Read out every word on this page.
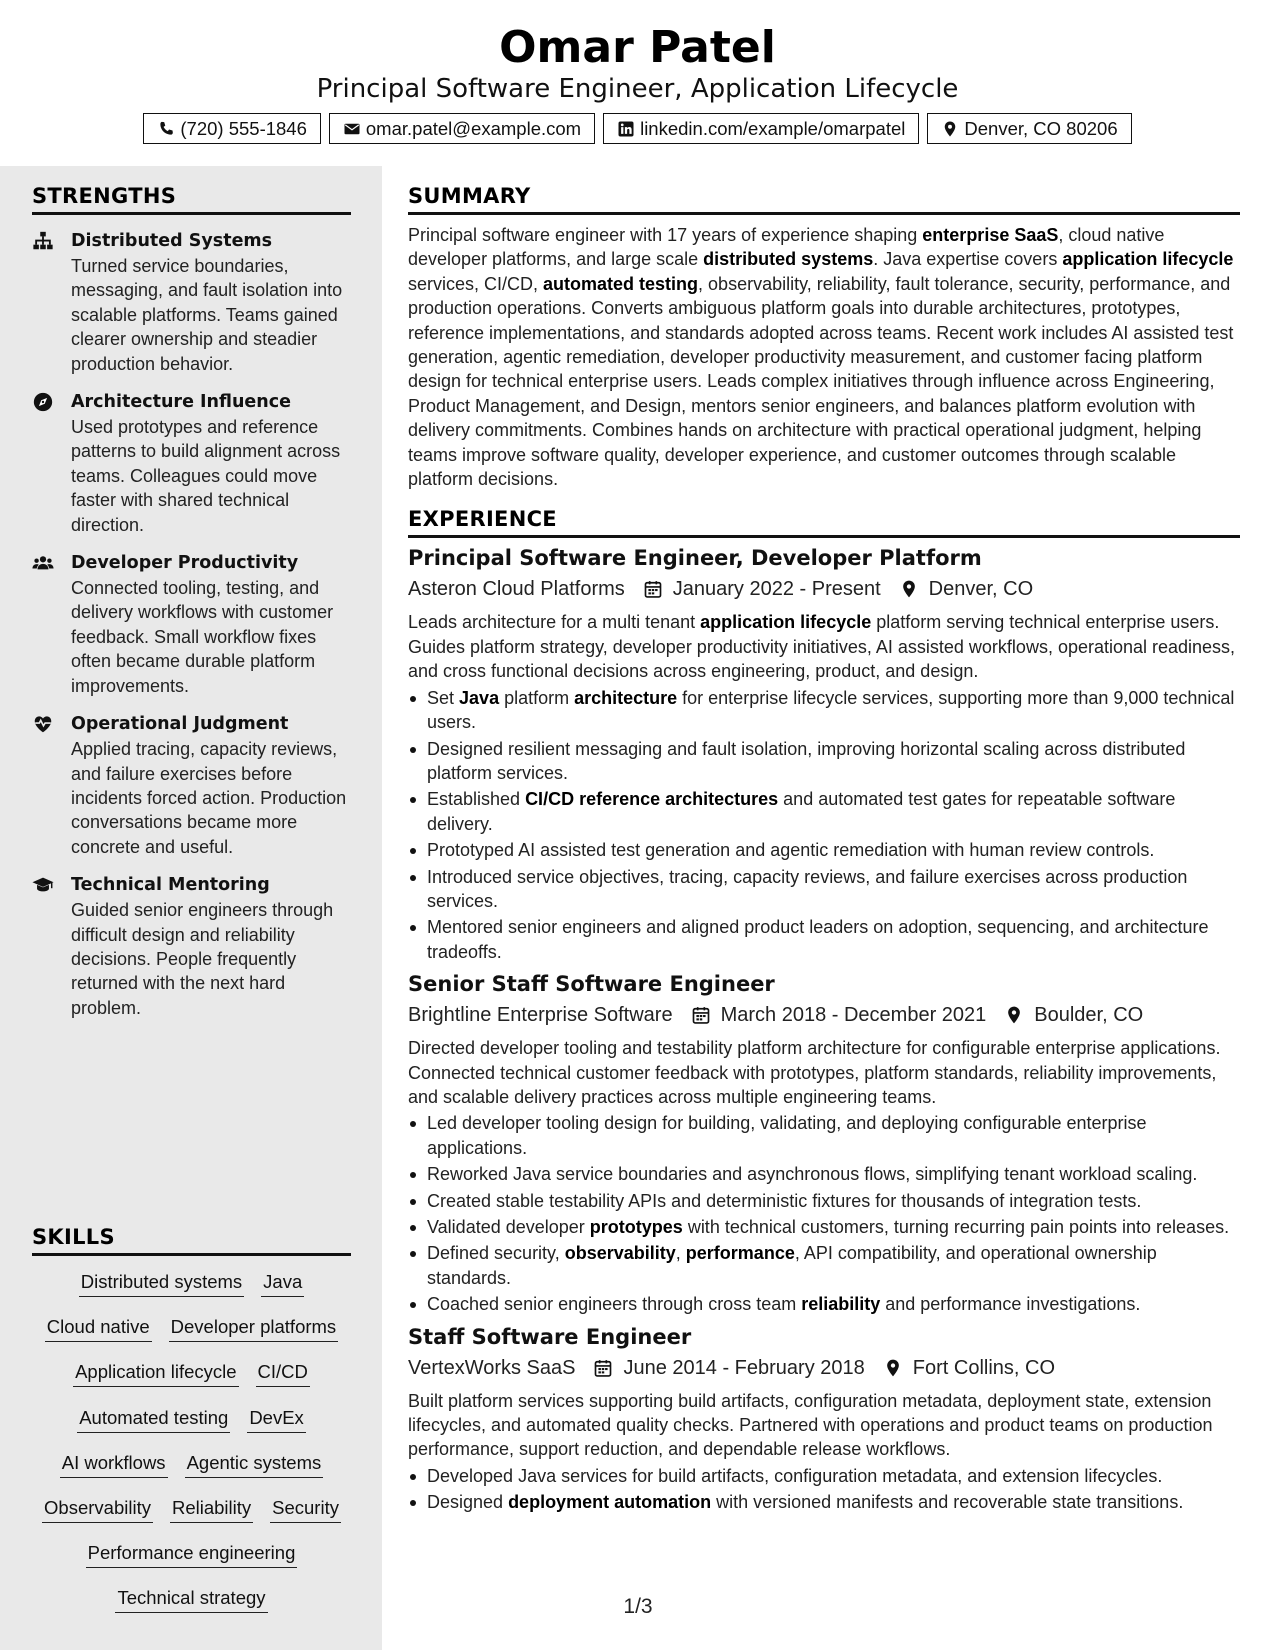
Omar Patel
Principal Software Engineer, Application Lifecycle
(720) 555-1846	omar.patel@example.com	linkedin.com/example/omarpatel	Denver, CO 80206
STRENGTHS
Distributed Systems
Turned service boundaries, messaging, and fault isolation into scalable platforms. Teams gained clearer ownership and steadier production behavior.
Architecture Influence
Used prototypes and reference patterns to build alignment across teams. Colleagues could move faster with shared technical direction.
Developer Productivity
Connected tooling, testing, and delivery workflows with customer feedback. Small workflow fixes often became durable platform improvements.
Operational Judgment
Applied tracing, capacity reviews, and failure exercises before incidents forced action. Production conversations became more concrete and useful.
Technical Mentoring
Guided senior engineers through difficult design and reliability decisions. People frequently returned with the next hard problem.
SKILLS
Distributed systems Java
Cloud native Developer platforms
Application lifecycle CI/CD
Automated testing DevEx
AI workflows Agentic systems
Observability Reliability Security
Performance engineering
Technical strategy
SUMMARY

Principal software engineer with 17 years of experience shaping enterprise SaaS, cloud native developer platforms, and large scale distributed systems. Java expertise covers application lifecycle services, CI/CD, automated testing, observability, reliability, fault tolerance, security, performance, and production operations. Converts ambiguous platform goals into durable architectures, prototypes, reference implementations, and standards adopted across teams. Recent work includes AI assisted test generation, agentic remediation, developer productivity measurement, and customer facing platform design for technical enterprise users. Leads complex initiatives through influence across Engineering, Product Management, and Design, mentors senior engineers, and balances platform evolution with delivery commitments. Combines hands on architecture with practical operational judgment, helping teams improve software quality, developer experience, and customer outcomes through scalable platform decisions.

EXPERIENCE
Principal Software Engineer, Developer Platform
Asteron Cloud Platforms January 2022 - Present Denver, CO

Leads architecture for a multi tenant application lifecycle platform serving technical enterprise users. Guides platform strategy, developer productivity initiatives, AI assisted workflows, operational readiness, and cross functional decisions across engineering, product, and design.

Set Java platform architecture for enterprise lifecycle services, supporting more than 9,000 technical users.
Designed resilient messaging and fault isolation, improving horizontal scaling across distributed platform services.
Established CI/CD reference architectures and automated test gates for repeatable software delivery.
Prototyped AI assisted test generation and agentic remediation with human review controls.
Introduced service objectives, tracing, capacity reviews, and failure exercises across production services.
Mentored senior engineers and aligned product leaders on adoption, sequencing, and architecture tradeoffs.
Senior Staff Software Engineer
Brightline Enterprise Software March 2018 - December 2021 Boulder, CO

Directed developer tooling and testability platform architecture for configurable enterprise applications. Connected technical customer feedback with prototypes, platform standards, reliability improvements, and scalable delivery practices across multiple engineering teams.

Led developer tooling design for building, validating, and deploying configurable enterprise applications.
Reworked Java service boundaries and asynchronous flows, simplifying tenant workload scaling.
Created stable testability APIs and deterministic fixtures for thousands of integration tests.
Validated developer prototypes with technical customers, turning recurring pain points into releases.
Defined security, observability, performance, API compatibility, and operational ownership standards.
Coached senior engineers through cross team reliability and performance investigations.
Staff Software Engineer
VertexWorks SaaS June 2014 - February 2018 Fort Collins, CO

Built platform services supporting build artifacts, configuration metadata, deployment state, extension lifecycles, and automated quality checks. Partnered with operations and product teams on production performance, support reduction, and dependable release workflows.

Developed Java services for build artifacts, configuration metadata, and extension lifecycles.
Designed deployment automation with versioned manifests and recoverable state transitions.
1/3
